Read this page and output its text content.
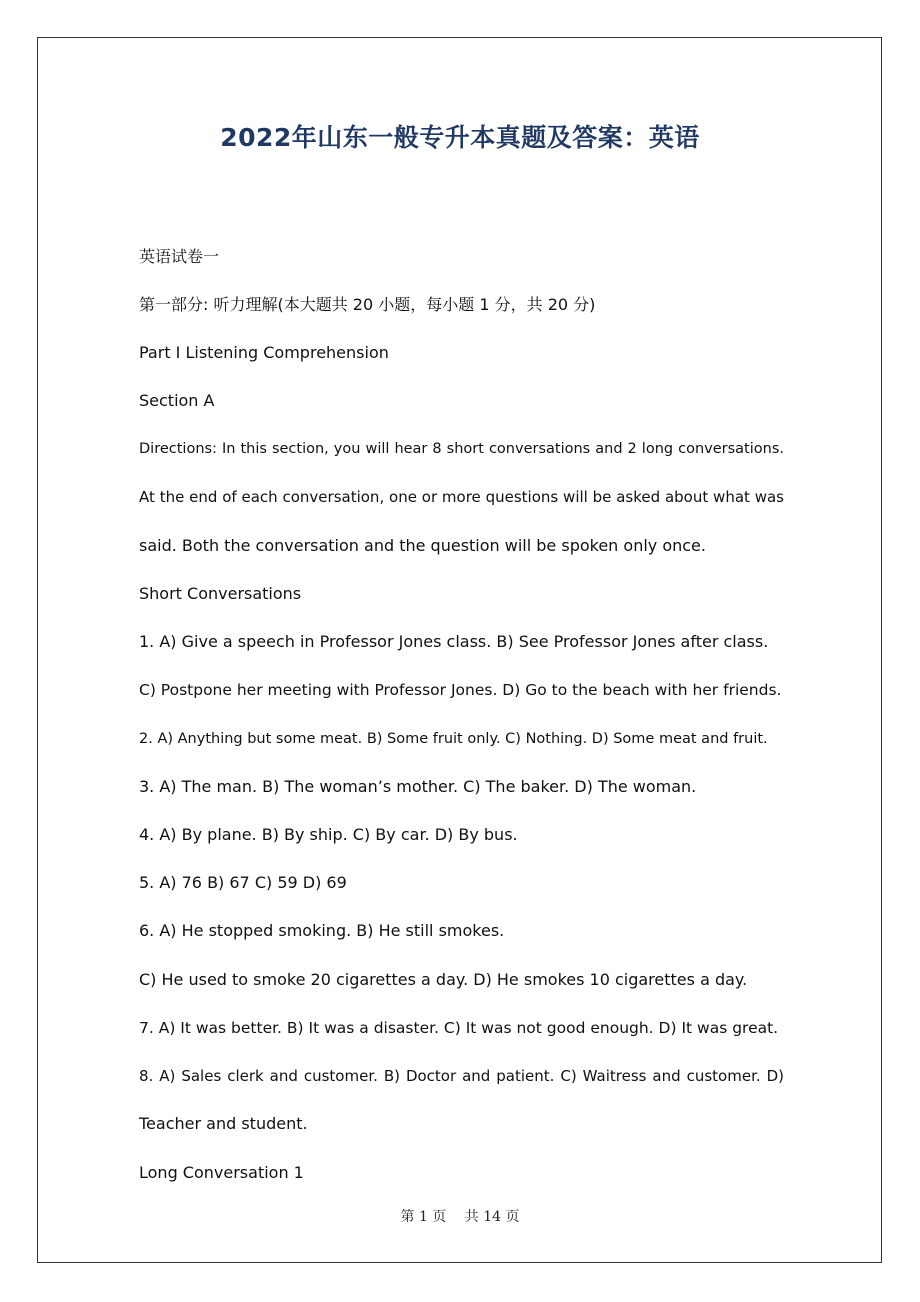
2022年山东一般专升本真题及答案：英语
英语试卷一
第一部分: 听力理解(本大题共 20 小题，每小题 1 分，共 20 分)
Part I Listening Comprehension
Section A
Directions: In this section, you will hear 8 short conversations and 2 long conversations.
At the end of each conversation, one or more questions will be asked about what was
said. Both the conversation and the question will be spoken only once.
Short Conversations
1. A) Give a speech in Professor Jones class. B) See Professor Jones after class.
C) Postpone her meeting with Professor Jones. D) Go to the beach with her friends.
2. A) Anything but some meat. B) Some fruit only. C) Nothing. D) Some meat and fruit.
3. A) The man. B) The woman’s mother. C) The baker. D) The woman.
4. A) By plane. B) By ship. C) By car. D) By bus.
5. A) 76 B) 67 C) 59 D) 69
6. A) He stopped smoking. B) He still smokes.
C) He used to smoke 20 cigarettes a day. D) He smokes 10 cigarettes a day.
7. A) It was better. B) It was a disaster. C) It was not good enough. D) It was great.
8. A) Sales clerk and customer. B) Doctor and patient. C) Waitress and customer. D)
Teacher and student.
Long Conversation 1
第 1 页　 共 14 页
